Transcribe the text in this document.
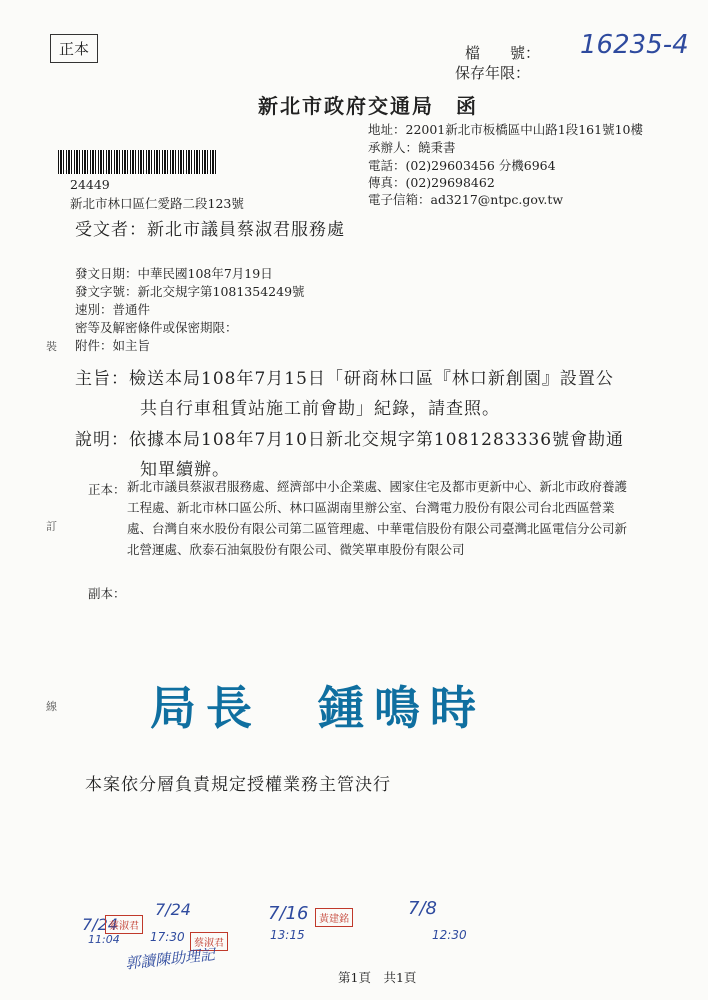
正本	檔　　號：
保存年限：
16235-4
新北市政府交通局　函
地址：22001新北市板橋區中山路1段161號10樓
承辦人：饒秉書
電話：(02)29603456 分機6964
傳真：(02)29698462
電子信箱：ad3217@ntpc.gov.tw
24449
新北市林口區仁愛路二段123號
受文者：新北市議員蔡淑君服務處
發文日期：中華民國108年7月19日
發文字號：新北交規字第1081354249號
速別：普通件
密等及解密條件或保密期限：
附件：如主旨
主旨：檢送本局108年7月15日「研商林口區『林口新創園』設置公
共自行車租賃站施工前會勘」紀錄，請查照。
說明：依據本局108年7月10日新北交規字第1081283336號會勘通
知單續辦。
正本： 新北市議員蔡淑君服務處、經濟部中小企業處、國家住宅及都市更新中心、新北市政府養護工程處、新北市林口區公所、林口區湖南里辦公室、台灣電力股份有限公司台北西區營業處、台灣自來水股份有限公司第二區管理處、中華電信股份有限公司臺灣北區電信分公司新北營運處、欣泰石油氣股份有限公司、微笑單車股份有限公司
副本：
裝
訂
線 局長　鍾鳴時
本案依分層負責規定授權業務主管決行
7/24
11:04
蔡淑君
7/24
17:30 蔡淑君
郭讀陳助理記
7/16
13:15
黃建銘
7/8
12:30
第1頁　共1頁
